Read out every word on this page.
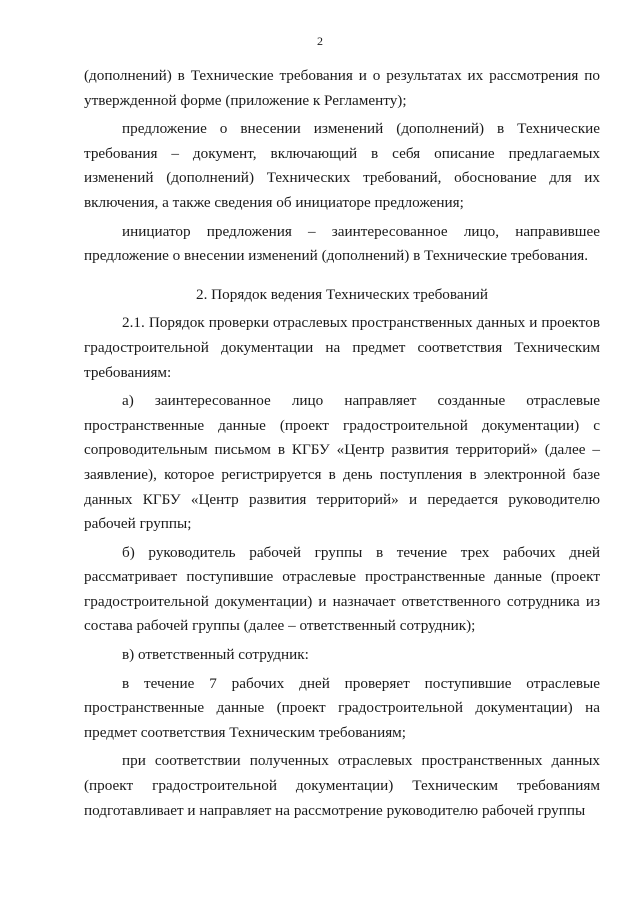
2

(дополнений) в Технические требования и о результатах их рассмотрения по утвержденной форме (приложение к Регламенту);

предложение о внесении изменений (дополнений) в Технические требования – документ, включающий в себя описание предлагаемых изменений (дополнений) Технических требований, обоснование для их включения, а также сведения об инициаторе предложения;

инициатор предложения – заинтересованное лицо, направившее предложение о внесении изменений (дополнений) в Технические требования.

2. Порядок ведения Технических требований

2.1. Порядок проверки отраслевых пространственных данных и проектов градостроительной документации на предмет соответствия Техническим требованиям:

а) заинтересованное лицо направляет созданные отраслевые пространственные данные (проект градостроительной документации) с сопроводительным письмом в КГБУ «Центр развития территорий» (далее – заявление), которое регистрируется в день поступления в электронной базе данных КГБУ «Центр развития территорий» и передается руководителю рабочей группы;

б) руководитель рабочей группы в течение трех рабочих дней рассматривает поступившие отраслевые пространственные данные (проект градостроительной документации) и назначает ответственного сотрудника из состава рабочей группы (далее – ответственный сотрудник);

в) ответственный сотрудник:

в течение 7 рабочих дней проверяет поступившие отраслевые пространственные данные (проект градостроительной документации) на предмет соответствия Техническим требованиям;

при соответствии полученных отраслевых пространственных данных (проект градостроительной документации) Техническим требованиям подготавливает и направляет на рассмотрение руководителю рабочей группы
